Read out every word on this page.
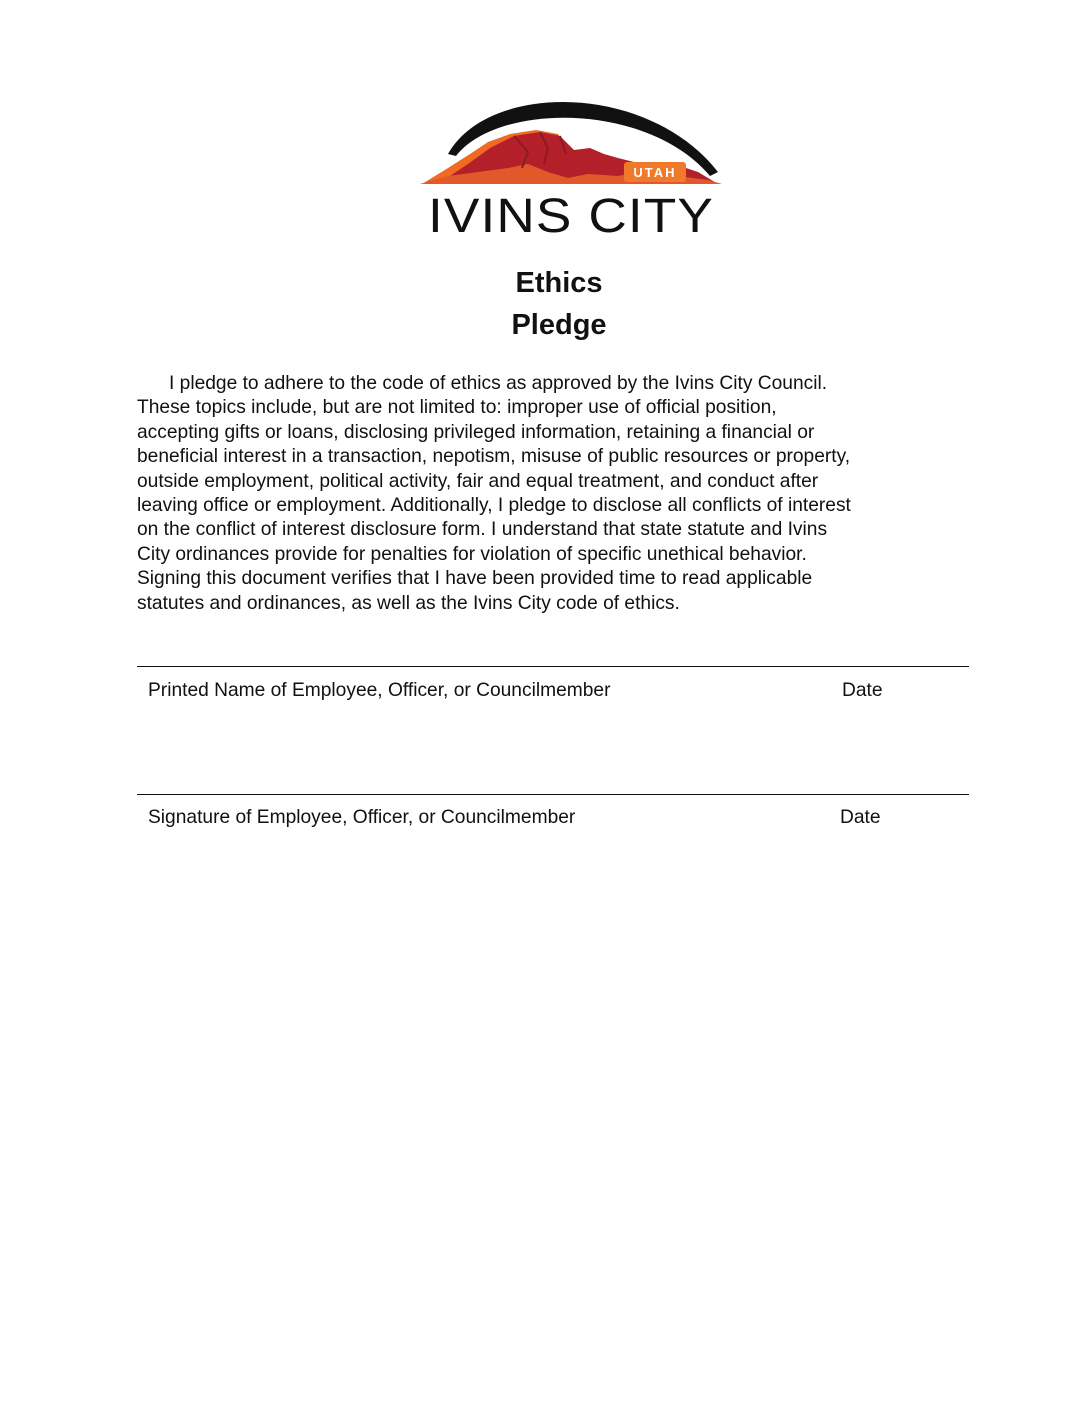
UTAH
IVINS CITY
Ethics
Pledge
I pledge to adhere to the code of ethics as approved by the Ivins City Council.
These topics include, but are not limited to: improper use of official position,
accepting gifts or loans, disclosing privileged information, retaining a financial or
beneficial interest in a transaction, nepotism, misuse of public resources or property,
outside employment, political activity, fair and equal treatment, and conduct after
leaving office or employment. Additionally, I pledge to disclose all conflicts of interest
on the conflict of interest disclosure form. I understand that state statute and Ivins
City ordinances provide for penalties for violation of specific unethical behavior.
Signing this document verifies that I have been provided time to read applicable
statutes and ordinances, as well as the Ivins City code of ethics.
Printed Name of Employee, Officer, or Councilmember	Date
Signature of Employee, Officer, or Councilmember	Date
